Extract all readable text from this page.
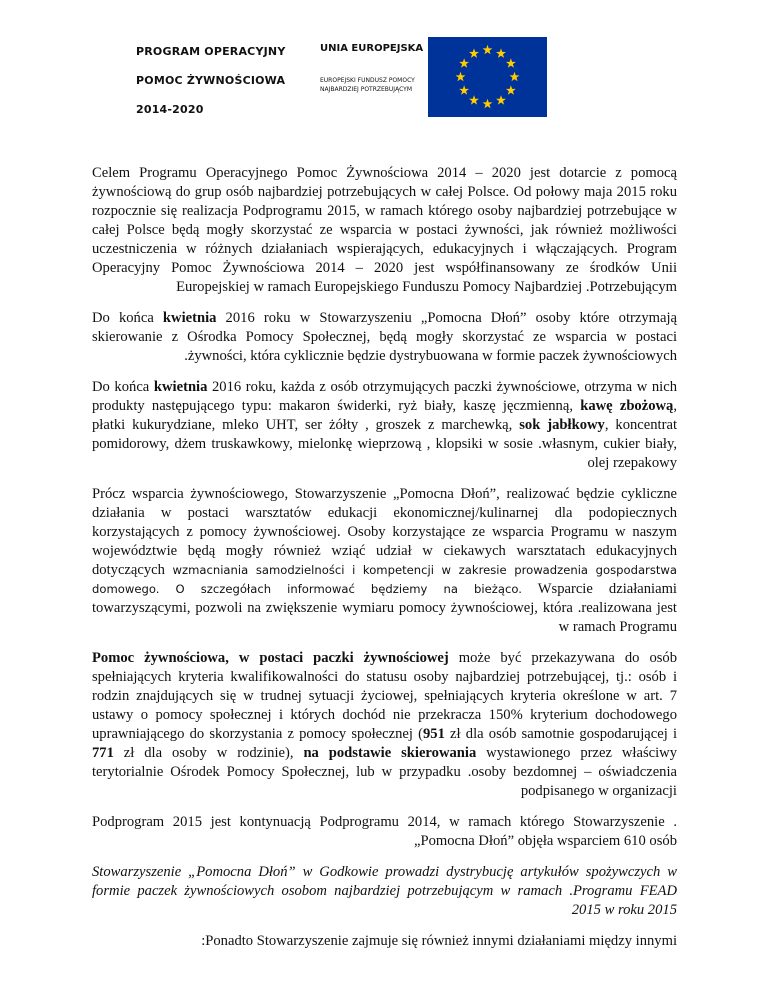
PROGRAM OPERACYJNY
POMOC ŻYWNOŚCIOWA
2014-2020
UNIA EUROPEJSKA
EUROPEJSKI FUNDUSZ POMOCY
NAJBARDZIEJ POTRZEBUJĄCYM

Celem Programu Operacyjnego Pomoc Żywnościowa 2014 – 2020 jest dotarcie z pomocą żywnościową do grup osób najbardziej potrzebujących w całej Polsce. Od połowy maja 2015 roku rozpocznie się realizacja Podprogramu 2015, w ramach którego osoby najbardziej potrzebujące w całej Polsce będą mogły skorzystać ze wsparcia w postaci żywności, jak również możliwości uczestniczenia w różnych działaniach wspierających, edukacyjnych i włączających. Program Operacyjny Pomoc Żywnościowa 2014 – 2020 jest współfinansowany ze środków Unii Europejskiej w ramach Europejskiego Funduszu Pomocy Najbardziej .Potrzebującym

Do końca kwietnia 2016 roku w Stowarzyszeniu „Pomocna Dłoń” osoby które otrzymają skierowanie z Ośrodka Pomocy Społecznej, będą mogły skorzystać ze wsparcia w postaci .żywności, która cyklicznie będzie dystrybuowana w formie paczek żywnościowych

Do końca kwietnia 2016 roku, każda z osób otrzymujących paczki żywnościowe, otrzyma w nich produkty następującego typu: makaron świderki, ryż biały, kaszę jęczmienną, kawę zbożową, płatki kukurydziane, mleko UHT, ser żółty , groszek z marchewką, sok jabłkowy, koncentrat pomidorowy, dżem truskawkowy, mielonkę wieprzową , klopsiki w sosie .własnym, cukier biały, olej rzepakowy

Prócz wsparcia żywnościowego, Stowarzyszenie „Pomocna Dłoń”, realizować będzie cykliczne działania w postaci warsztatów edukacji ekonomicznej/kulinarnej dla podopiecznych korzystających z pomocy żywnościowej. Osoby korzystające ze wsparcia Programu w naszym województwie będą mogły również wziąć udział w ciekawych warsztatach edukacyjnych dotyczących wzmacniania samodzielności i kompetencji w zakresie prowadzenia gospodarstwa domowego. O szczegółach informować będziemy na bieżąco. Wsparcie działaniami towarzyszącymi, pozwoli na zwiększenie wymiaru pomocy żywnościowej, która .realizowana jest w ramach Programu

Pomoc żywnościowa, w postaci paczki żywnościowej może być przekazywana do osób spełniających kryteria kwalifikowalności do statusu osoby najbardziej potrzebującej, tj.: osób i rodzin znajdujących się w trudnej sytuacji życiowej, spełniających kryteria określone w art. 7 ustawy o pomocy społecznej i których dochód nie przekracza 150% kryterium dochodowego uprawniającego do skorzystania z pomocy społecznej (951 zł dla osób samotnie gospodarującej i 771 zł dla osoby w rodzinie), na podstawie skierowania wystawionego przez właściwy terytorialnie Ośrodek Pomocy Społecznej, lub w przypadku .osoby bezdomnej – oświadczenia podpisanego w organizacji

Podprogram 2015 jest kontynuacją Podprogramu 2014, w ramach którego Stowarzyszenie .„Pomocna Dłoń” objęła wsparciem 610 osób

Stowarzyszenie „Pomocna Dłoń” w Godkowie prowadzi dystrybucję artykułów spożywczych w formie paczek żywnościowych osobom najbardziej potrzebującym w ramach .Programu FEAD 2015 w roku 2015

:Ponadto Stowarzyszenie zajmuje się również innymi działaniami między innymi
